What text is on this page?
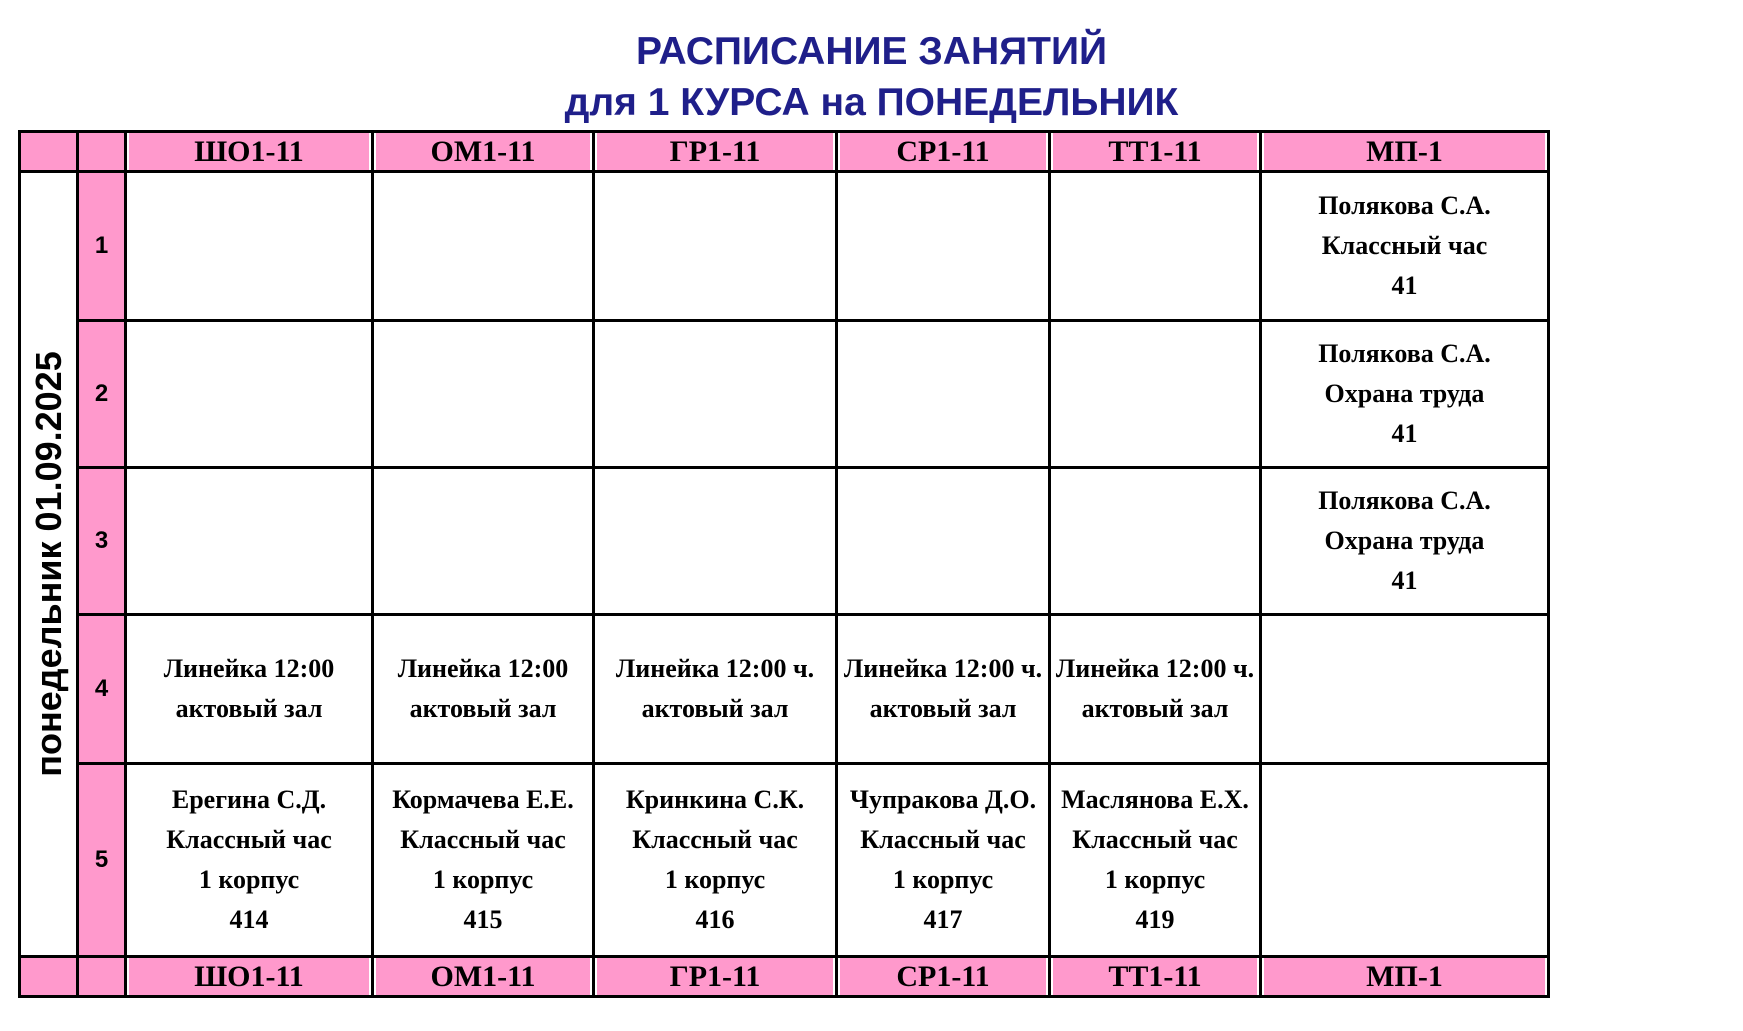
РАСПИСАНИЕ ЗАНЯТИЙ
для 1 КУРСА на ПОНЕДЕЛЬНИК
		ШО1-11	ОМ1-11	ГР1-11	СР1-11	ТТ1-11	МП-1

понедельник 01.09.2025	1						Полякова С.А.
Классный час
41

	2						Полякова С.А.
Охрана труда
41

	3						Полякова С.А.
Охрана труда
41

	4	Линейка 12:00
актовый зал	Линейка 12:00
актовый зал	Линейка 12:00 ч.
актовый зал	Линейка 12:00 ч.
актовый зал	Линейка 12:00 ч.
актовый зал	

	5	Ерегина С.Д.
Классный час
1 корпус
414	Кормачева Е.Е.
Классный час
1 корпус
415	Кринкина С.К.
Классный час
1 корпус
416	Чупракова Д.О.
Классный час
1 корпус
417	Маслянова Е.Х.
Классный час
1 корпус
419	

		ШО1-11	ОМ1-11	ГР1-11	СР1-11	ТТ1-11	МП-1
